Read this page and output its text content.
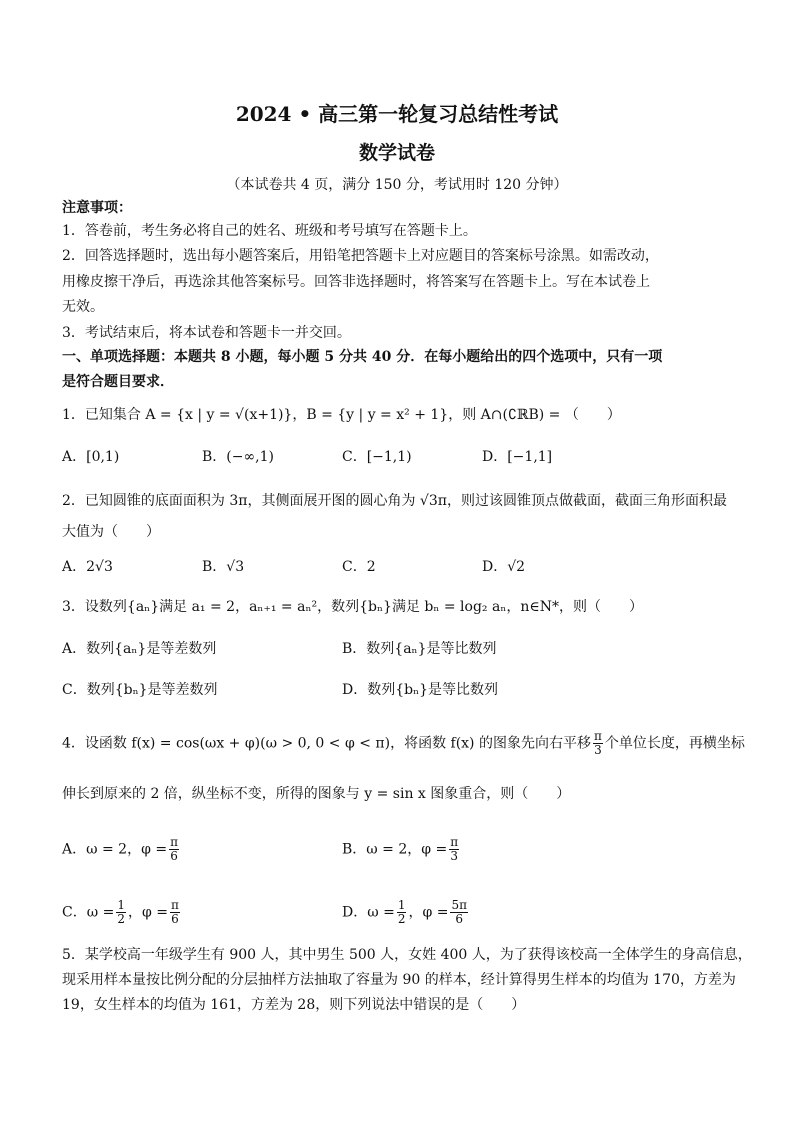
2024 • 高三第一轮复习总结性考试
数学试卷
（本试卷共 4 页，满分 150 分，考试用时 120 分钟）
注意事项：
1．答卷前，考生务必将自己的姓名、班级和考号填写在答题卡上。
2．回答选择题时，选出每小题答案后，用铅笔把答题卡上对应题目的答案标号涂黑。如需改动，
用橡皮擦干净后，再选涂其他答案标号。回答非选择题时，将答案写在答题卡上。写在本试卷上
无效。
3．考试结束后，将本试卷和答题卡一并交回。
一、单项选择题：本题共 8 小题，每小题 5 分共 40 分．在每小题给出的四个选项中，只有一项
是符合题目要求．
1．已知集合 A = {x | y = √(x+1)}，B = {y | y = x² + 1}，则 A∩(∁ℝB) = （　　）
A．[0,1)	B．(−∞,1)	C．[−1,1)	D．[−1,1]
2．已知圆锥的底面面积为 3π，其侧面展开图的圆心角为 √3π，则过该圆锥顶点做截面，截面三角形面积最
大值为（　　）
A．2√3	B．√3	C．2	D．√2
3．设数列{aₙ}满足 a₁ = 2，aₙ₊₁ = aₙ²，数列{bₙ}满足 bₙ = log₂ aₙ，n∈N*，则（　　）
A．数列{aₙ}是等差数列	B．数列{aₙ}是等比数列
C．数列{bₙ}是等差数列	D．数列{bₙ}是等比数列
4．设函数 f(x) = cos(ωx + φ)(ω > 0, 0 < φ < π)，将函数 f(x) 的图象先向右平移 $\frac{\pi}{3}$ 个单位长度，再横坐标
伸长到原来的 2 倍，纵坐标不变，所得的图象与 y = sin x 图象重合，则（　　）
A．ω = 2，$\varphi = \frac{\pi}{6}$	B．ω = 2，$\varphi = \frac{\pi}{3}$
C．$\omega = \frac{1}{2}$ ，$\varphi = \frac{\pi}{6}$	D．$\omega = \frac{1}{2}$ ，$\varphi = \frac{5\pi}{6}$
5．某学校高一年级学生有 900 人，其中男生 500 人，女姓 400 人，为了获得该校高一全体学生的身高信息，
现采用样本量按比例分配的分层抽样方法抽取了容量为 90 的样本，经计算得男生样本的均值为 170，方差为
19，女生样本的均值为 161，方差为 28，则下列说法中错误的是（　　）
